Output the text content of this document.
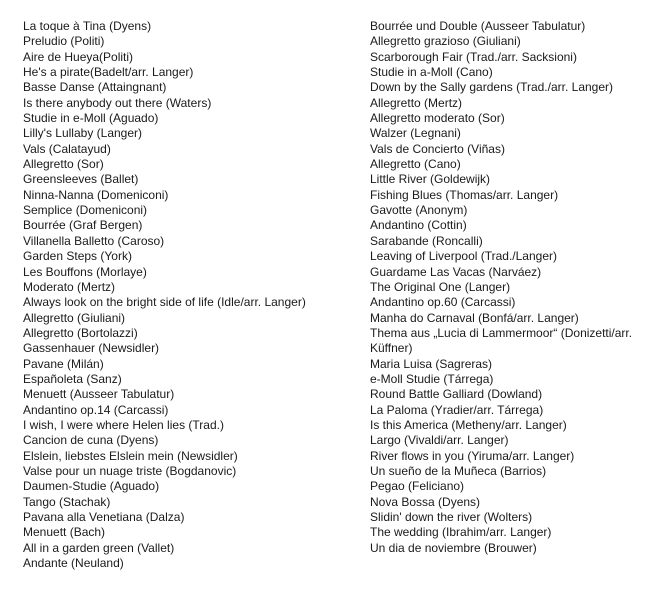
La toque à Tina (Dyens)
Preludio (Politi)
Aire de Hueya(Politi)
He's a pirate(Badelt/arr. Langer)
Basse Danse (Attaingnant)
Is there anybody out there (Waters)
Studie in e-Moll (Aguado)
Lilly's Lullaby (Langer)
Vals (Calatayud)
Allegretto (Sor)
Greensleeves (Ballet)
Ninna-Nanna (Domeniconi)
Semplice (Domeniconi)
Bourrée (Graf Bergen)
Villanella Balletto (Caroso)
Garden Steps (York)
Les Bouffons (Morlaye)
Moderato (Mertz)
Always look on the bright side of life (Idle/arr. Langer)
Allegretto (Giuliani)
Allegretto (Bortolazzi)
Gassenhauer (Newsidler)
Pavane (Milán)
Españoleta (Sanz)
Menuett (Ausseer Tabulatur)
Andantino op.14 (Carcassi)
I wish, I were where Helen lies (Trad.)
Cancion de cuna (Dyens)
Elslein, liebstes Elslein mein (Newsidler)
Valse pour un nuage triste (Bogdanovic)
Daumen-Studie (Aguado)
Tango (Stachak)
Pavana alla Venetiana (Dalza)
Menuett (Bach)
All in a garden green (Vallet)
Andante (Neuland)
Bourrée und Double (Ausseer Tabulatur)
Allegretto grazioso (Giuliani)
Scarborough Fair (Trad./arr. Sacksioni)
Studie in a-Moll (Cano)
Down by the Sally gardens (Trad./arr. Langer)
Allegretto (Mertz)
Allegretto moderato (Sor)
Walzer (Legnani)
Vals de Concierto (Viñas)
Allegretto (Cano)
Little River (Goldewijk)
Fishing Blues (Thomas/arr. Langer)
Gavotte (Anonym)
Andantino (Cottin)
Sarabande (Roncalli)
Leaving of Liverpool (Trad./Langer)
Guardame Las Vacas (Narváez)
The Original One (Langer)
Andantino op.60 (Carcassi)
Manha do Carnaval (Bonfá/arr. Langer)
Thema aus „Lucia di Lammermoor“ (Donizetti/arr. Küffner)
Maria Luisa (Sagreras)
e-Moll Studie (Tárrega)
Round Battle Galliard (Dowland)
La Paloma (Yradier/arr. Tárrega)
Is this America (Metheny/arr. Langer)
Largo (Vivaldi/arr. Langer)
River flows in you (Yiruma/arr. Langer)
Un sueño de la Muñeca (Barrios)
Pegao (Feliciano)
Nova Bossa (Dyens)
Slidin' down the river (Wolters)
The wedding (Ibrahim/arr. Langer)
Un dia de noviembre (Brouwer)
